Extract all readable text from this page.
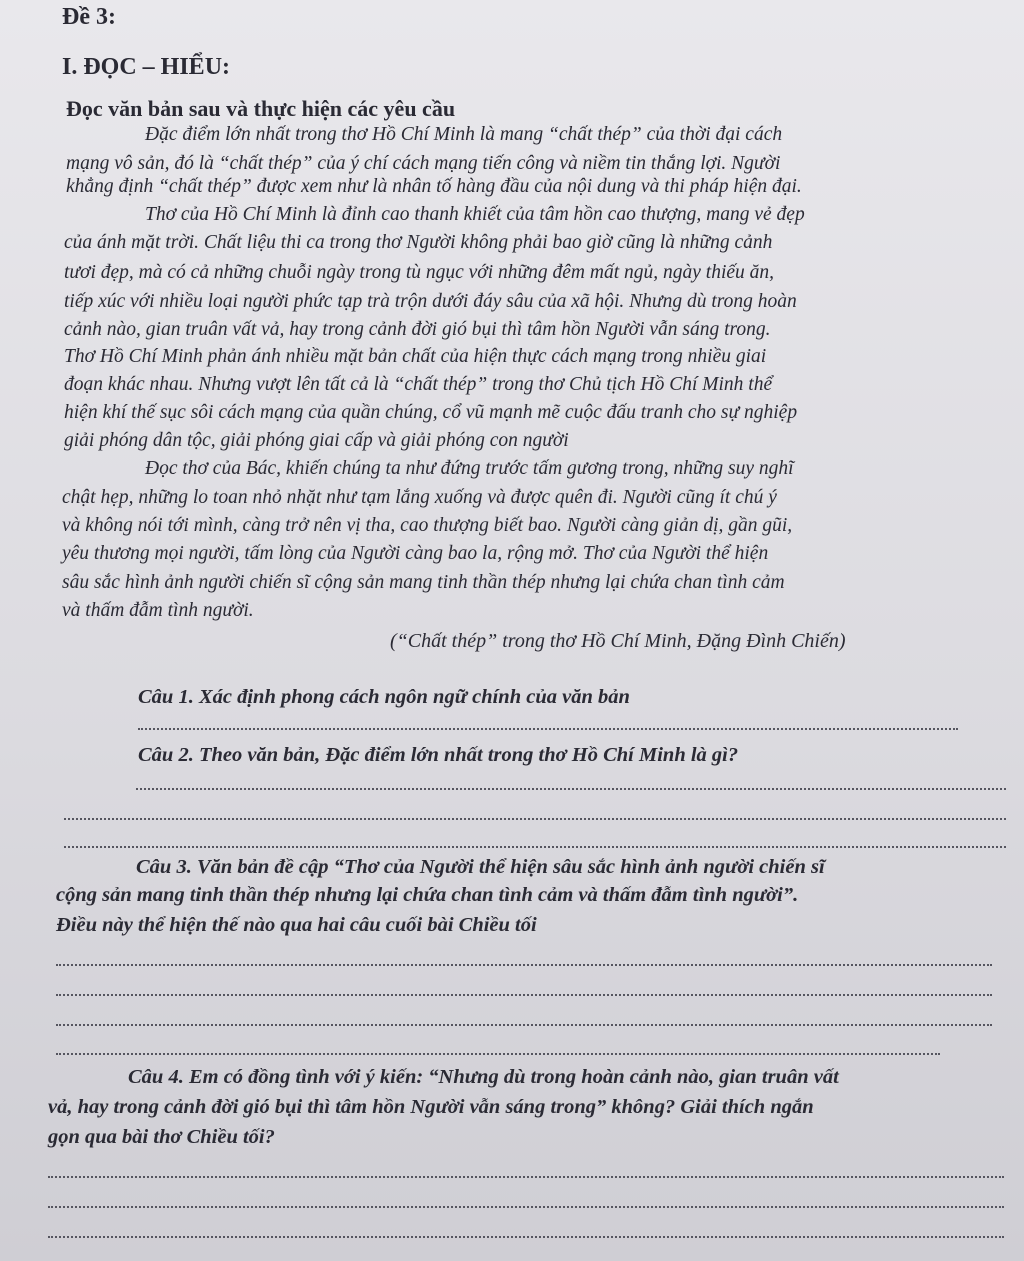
Đề 3:

I. ĐỌC – HIỂU:

Đọc văn bản sau và thực hiện các yêu cầu

Đặc điểm lớn nhất trong thơ Hồ Chí Minh là mang “chất thép” của thời đại cách

mạng vô sản, đó là “chất thép” của ý chí cách mạng tiến công và niềm tin thắng lợi. Người

khẳng định “chất thép” được xem như là nhân tố hàng đầu của nội dung và thi pháp hiện đại.

Thơ của Hồ Chí Minh là đỉnh cao thanh khiết của tâm hồn cao thượng, mang vẻ đẹp

của ánh mặt trời. Chất liệu thi ca trong thơ Người không phải bao giờ cũng là những cảnh

tươi đẹp, mà có cả những chuỗi ngày trong tù ngục với những đêm mất ngủ, ngày thiếu ăn,

tiếp xúc với nhiều loại người phức tạp trà trộn dưới đáy sâu của xã hội. Nhưng dù trong hoàn

cảnh nào, gian truân vất vả, hay trong cảnh đời gió bụi thì tâm hồn Người vẫn sáng trong.

Thơ Hồ Chí Minh phản ánh nhiều mặt bản chất của hiện thực cách mạng trong nhiều giai

đoạn khác nhau. Nhưng vượt lên tất cả là “chất thép” trong thơ Chủ tịch Hồ Chí Minh thể

hiện khí thế sục sôi cách mạng của quần chúng, cổ vũ mạnh mẽ cuộc đấu tranh cho sự nghiệp

giải phóng dân tộc, giải phóng giai cấp và giải phóng con người

Đọc thơ của Bác, khiến chúng ta như đứng trước tấm gương trong, những suy nghĩ

chật hẹp, những lo toan nhỏ nhặt như tạm lắng xuống và được quên đi. Người cũng ít chú ý

và không nói tới mình, càng trở nên vị tha, cao thượng biết bao. Người càng giản dị, gần gũi,

yêu thương mọi người, tấm lòng của Người càng bao la, rộng mở. Thơ của Người thể hiện

sâu sắc hình ảnh người chiến sĩ cộng sản mang tinh thần thép nhưng lại chứa chan tình cảm

và thấm đẫm tình người.

(“Chất thép” trong thơ Hồ Chí Minh, Đặng Đình Chiến)

Câu 1. Xác định phong cách ngôn ngữ chính của văn bản

Câu 2. Theo văn bản, Đặc điểm lớn nhất trong thơ Hồ Chí Minh là gì?

Câu 3. Văn bản đề cập “Thơ của Người thể hiện sâu sắc hình ảnh người chiến sĩ

cộng sản mang tinh thần thép nhưng lại chứa chan tình cảm và thấm đẫm tình người”.

Điều này thể hiện thế nào qua hai câu cuối bài Chiều tối

Câu 4. Em có đồng tình với ý kiến: “Nhưng dù trong hoàn cảnh nào, gian truân vất

vả, hay trong cảnh đời gió bụi thì tâm hồn Người vẫn sáng trong” không? Giải thích ngắn

gọn qua bài thơ Chiều tối?
